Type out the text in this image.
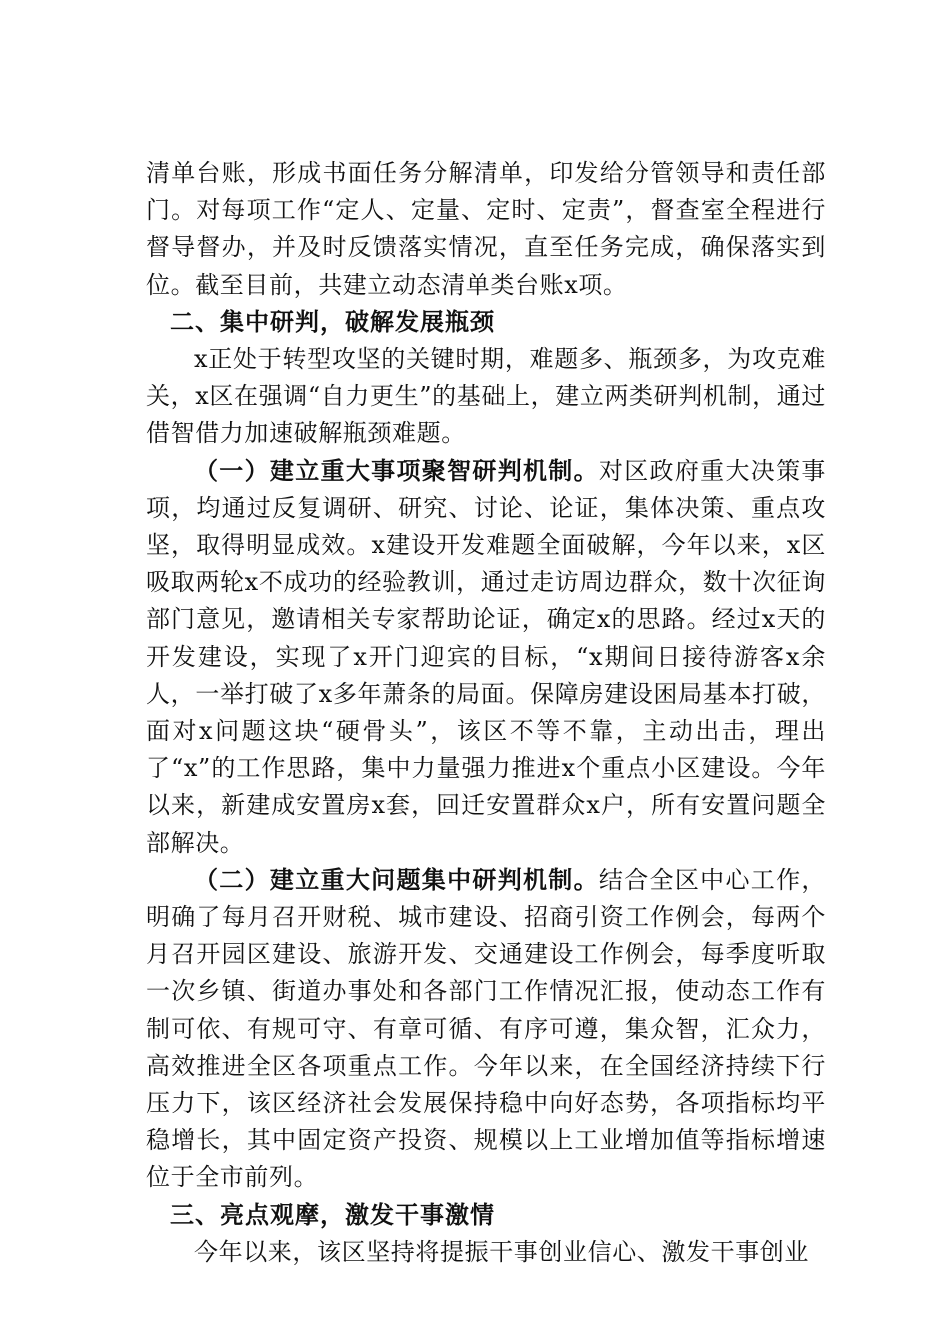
清单台账，形成书面任务分解清单，印发给分管领导和责任部门。对每项工作“定人、定量、定时、定责”，督查室全程进行督导督办，并及时反馈落实情况，直至任务完成，确保落实到位。截至目前，共建立动态清单类台账x项。

二、集中研判，破解发展瓶颈

x正处于转型攻坚的关键时期，难题多、瓶颈多，为攻克难关，x区在强调“自力更生”的基础上，建立两类研判机制，通过借智借力加速破解瓶颈难题。

（一）建立重大事项聚智研判机制。对区政府重大决策事项，均通过反复调研、研究、讨论、论证，集体决策、重点攻坚，取得明显成效。x建设开发难题全面破解，今年以来，x区吸取两轮x不成功的经验教训，通过走访周边群众，数十次征询部门意见，邀请相关专家帮助论证，确定x的思路。经过x天的开发建设，实现了x开门迎宾的目标，“x期间日接待游客x余人，一举打破了x多年萧条的局面。保障房建设困局基本打破，面对x问题这块“硬骨头”，该区不等不靠，主动出击，理出了“x”的工作思路，集中力量强力推进x个重点小区建设。今年以来，新建成安置房x套，回迁安置群众x户，所有安置问题全部解决。

（二）建立重大问题集中研判机制。结合全区中心工作，明确了每月召开财税、城市建设、招商引资工作例会，每两个月召开园区建设、旅游开发、交通建设工作例会，每季度听取一次乡镇、街道办事处和各部门工作情况汇报，使动态工作有制可依、有规可守、有章可循、有序可遵，集众智，汇众力，高效推进全区各项重点工作。今年以来，在全国经济持续下行压力下，该区经济社会发展保持稳中向好态势，各项指标均平稳增长，其中固定资产投资、规模以上工业增加值等指标增速位于全市前列。

三、亮点观摩，激发干事激情

今年以来，该区坚持将提振干事创业信心、激发干事创业
